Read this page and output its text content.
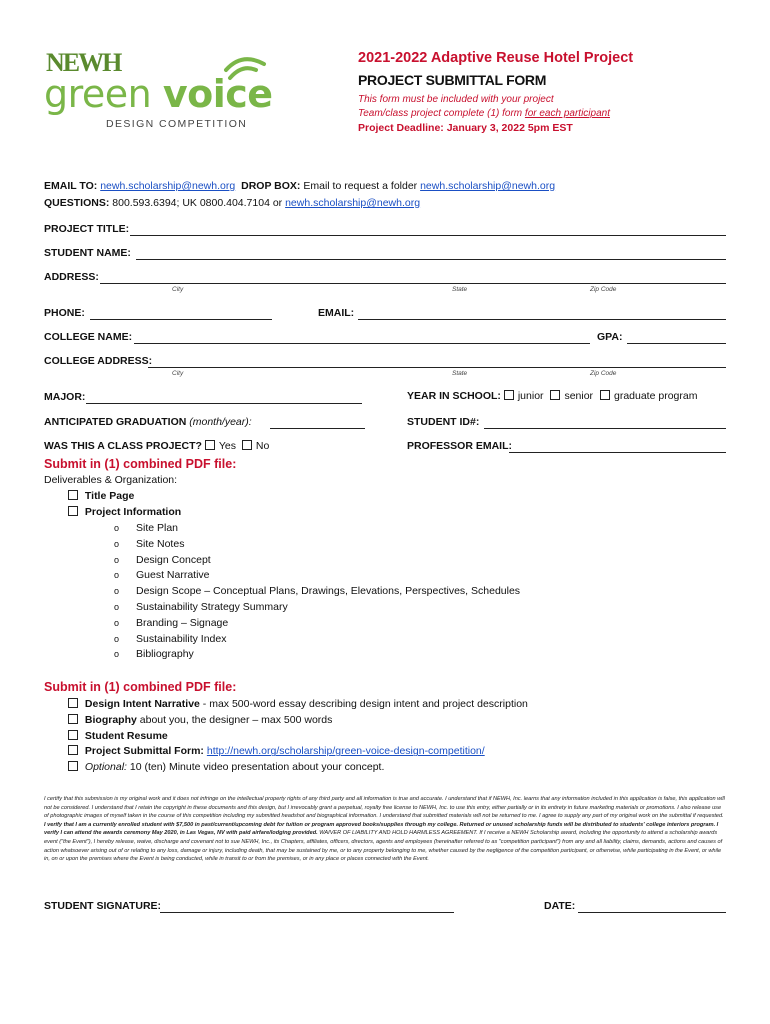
NEWH
green voice
DESIGN COMPETITION
2021-2022 Adaptive Reuse Hotel Project
PROJECT SUBMITTAL FORM
This form must be included with your project
Team/class project complete (1) form for each participant
Project Deadline: January 3, 2022 5pm EST
EMAIL TO: newh.scholarship@newh.org DROP BOX: Email to request a folder newh.scholarship@newh.org
QUESTIONS: 800.593.6394; UK 0800.404.7104 or newh.scholarship@newh.org
PROJECT TITLE:
STUDENT NAME:
ADDRESS:
City	State	Zip Code
PHONE:	EMAIL:
COLLEGE NAME:	GPA:
COLLEGE ADDRESS:
City	State	Zip Code
MAJOR:	YEAR IN SCHOOL: junior senior graduate program
ANTICIPATED GRADUATION (month/year):	STUDENT ID#:
WAS THIS A CLASS PROJECT? Yes No	PROFESSOR EMAIL:
Submit in (1) combined PDF file:
Deliverables & Organization:
Title Page
Project Information
o Site Plan
o Site Notes
o Design Concept
o Guest Narrative
o Design Scope – Conceptual Plans, Drawings, Elevations, Perspectives, Schedules
o Sustainability Strategy Summary
o Branding – Signage
o Sustainability Index
o Bibliography
Submit in (1) combined PDF file:
Design Intent Narrative - max 500-word essay describing design intent and project description
Biography about you, the designer – max 500 words
Student Resume
Project Submittal Form: http://newh.org/scholarship/green-voice-design-competition/
Optional: 10 (ten) Minute video presentation about your concept.
I certify that this submission is my original work and it does not infringe on the intellectual property rights of any third party and all information is true and accurate. I understand that if NEWH, Inc. learns that any information included in this application is false, this application will not be considered. I understand that I retain the copyright in these documents and this design, but I irrevocably grant a perpetual, royalty free license to NEWH, Inc. to use this entry, either partially or in its entirety in future marketing materials or promotions. I also release use of photographic images of myself taken in the course of this competition including my submitted headshot and biographical information. I understand that submitted materials will not be returned to me. I agree to supply any part of my original work on the submittal if requested. I verify that I am a currently enrolled student with $7,500 in past/current/upcoming debt for tuition or program approved books/supplies through my college. Returned or unused scholarship funds will be distributed to students' college interiors program. I verify I can attend the awards ceremony May 2020, in Las Vegas, NV with paid airfare/lodging provided. WAIVER OF LIABILITY AND HOLD HARMLESS AGREEMENT. If I receive a NEWH Scholarship award, including the opportunity to attend a scholarship awards event ("the Event"), I hereby release, waive, discharge and covenant not to sue NEWH, Inc., its Chapters, affiliates, officers, directors, agents and employees (hereinafter referred to as "competition participant") from any and all liability, claims, demands, actions and causes of action whatsoever arising out of or relating to any loss, damage or injury, including death, that may be sustained by me, or to any property belonging to me, whether caused by the negligence of the competition participant, or otherwise, while participating in the Event, or while in, on or upon the premises where the Event is being conducted, while in transit to or from the premises, or in any place or places connected with the Event.
STUDENT SIGNATURE:	DATE:
